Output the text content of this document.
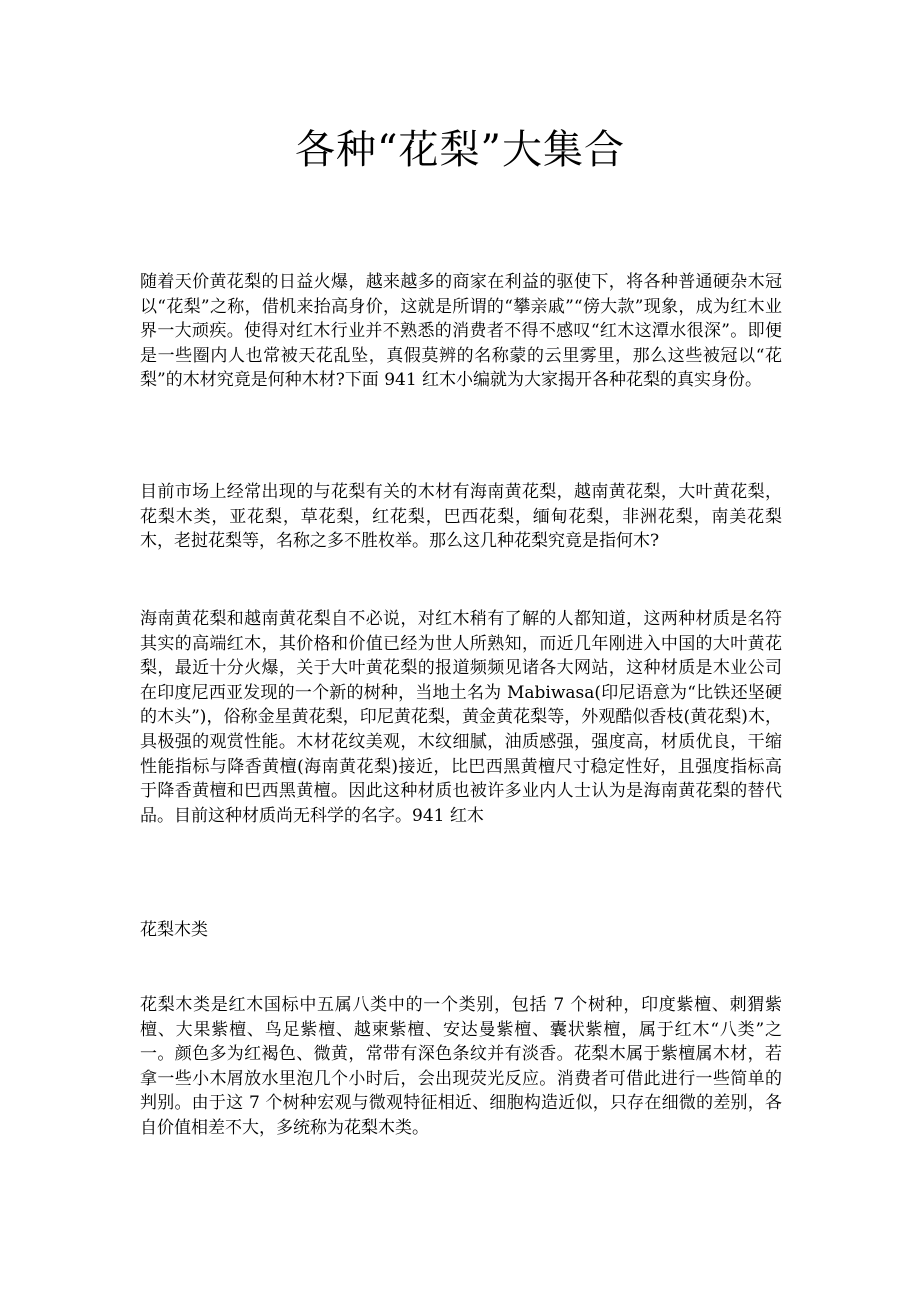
各种“花梨”大集合

随着天价黄花梨的日益火爆，越来越多的商家在利益的驱使下，将各种普通硬杂木冠以“花梨”之称，借机来抬高身价，这就是所谓的“攀亲戚”“傍大款”现象，成为红木业界一大顽疾。使得对红木行业并不熟悉的消费者不得不感叹“红木这潭水很深”。即便是一些圈内人也常被天花乱坠，真假莫辨的名称蒙的云里雾里，那么这些被冠以“花梨”的木材究竟是何种木材?下面 941 红木小编就为大家揭开各种花梨的真实身份。

目前市场上经常出现的与花梨有关的木材有海南黄花梨，越南黄花梨，大叶黄花梨，花梨木类，亚花梨，草花梨，红花梨，巴西花梨，缅甸花梨，非洲花梨，南美花梨木，老挝花梨等，名称之多不胜枚举。那么这几种花梨究竟是指何木?

海南黄花梨和越南黄花梨自不必说，对红木稍有了解的人都知道，这两种材质是名符其实的高端红木，其价格和价值已经为世人所熟知，而近几年刚进入中国的大叶黄花梨，最近十分火爆，关于大叶黄花梨的报道频频见诸各大网站，这种材质是木业公司在印度尼西亚发现的一个新的树种，当地土名为 Mabiwasa(印尼语意为“比铁还坚硬的木头”)，俗称金星黄花梨，印尼黄花梨，黄金黄花梨等，外观酷似香枝(黄花梨)木，具极强的观赏性能。木材花纹美观，木纹细腻，油质感强，强度高，材质优良，干缩性能指标与降香黄檀(海南黄花梨)接近，比巴西黑黄檀尺寸稳定性好，且强度指标高于降香黄檀和巴西黑黄檀。因此这种材质也被许多业内人士认为是海南黄花梨的替代品。目前这种材质尚无科学的名字。941 红木

花梨木类

花梨木类是红木国标中五属八类中的一个类别，包括 7 个树种，印度紫檀、刺猬紫檀、大果紫檀、鸟足紫檀、越柬紫檀、安达曼紫檀、囊状紫檀，属于红木“八类”之一。颜色多为红褐色、微黄，常带有深色条纹并有淡香。花梨木属于紫檀属木材，若拿一些小木屑放水里泡几个小时后，会出现荧光反应。消费者可借此进行一些简单的判别。由于这 7 个树种宏观与微观特征相近、细胞构造近似，只存在细微的差别，各自价值相差不大，多统称为花梨木类。
